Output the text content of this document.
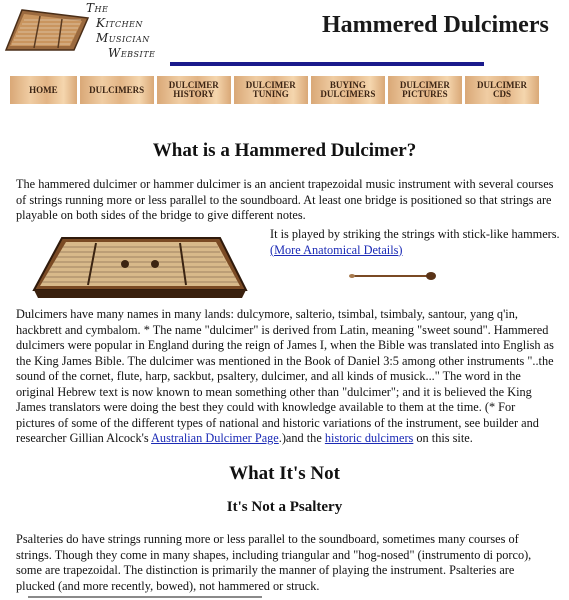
The
Kitchen Musician
Website
Hammered Dulcimers
HOME	DULCIMERS	DULCIMER
HISTORY
DULCIMER
TUNING
BUYING
DULCIMERS
DULCIMER
PICTURES
DULCIMER
CDS
What is a Hammered Dulcimer?

The hammered dulcimer or hammer dulcimer is an ancient trapezoidal music instrument with several courses of strings running more or less parallel to the soundboard. At least one bridge is positioned so that strings are playable on both sides of the bridge to give different notes.

It is played by striking the strings with stick-like hammers.
(More Anatomical Details)

Dulcimers have many names in many lands: dulcymore, salterio, tsimbal, tsimbaly, santour, yang q'in, hackbrett and cymbalom. * The name "dulcimer" is derived from Latin, meaning "sweet sound". Hammered dulcimers were popular in England during the reign of James I, when the Bible was translated into English as the King James Bible. The dulcimer was mentioned in the Book of Daniel 3:5 among other instruments "..the sound of the cornet, flute, harp, sackbut, psaltery, dulcimer, and all kinds of musick..." The word in the original Hebrew text is now known to mean something other than "dulcimer"; and it is believed the King James translators were doing the best they could with knowledge available to them at the time. (* For pictures of some of the different types of national and historic variations of the instrument, see builder and researcher Gillian Alcock's Australian Dulcimer Page.)and the historic dulcimers on this site.

What It's Not
It's Not a Psaltery

Psalteries do have strings running more or less parallel to the soundboard, sometimes many courses of strings. Though they come in many shapes, including triangular and "hog-nosed" (instrumento di porco), some are trapezoidal. The distinction is primarily the manner of playing the instrument. Psalteries are plucked (and more recently, bowed), not hammered or struck.
